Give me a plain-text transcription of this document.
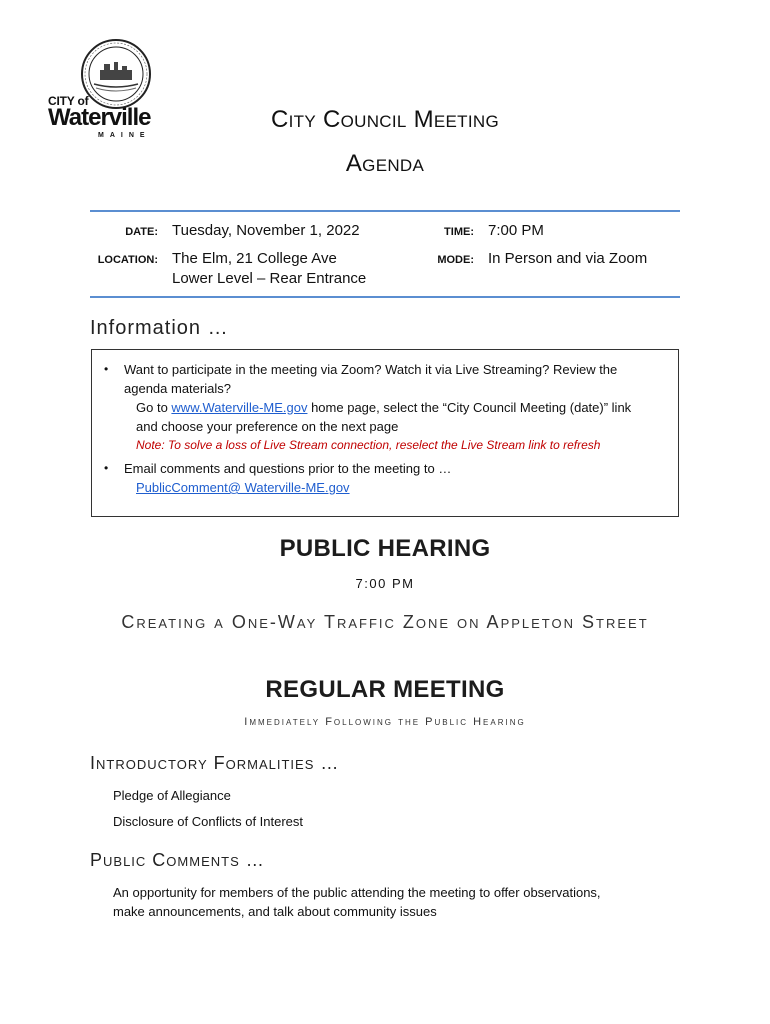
CITY of
Waterville
MAINE
City Council Meeting
Agenda
DATE: Tuesday, November 1, 2022	TIME: 7:00 PM
LOCATION: The Elm, 21 College Ave
Lower Level – Rear Entrance
MODE: In Person and via Zoom
Information …
• Want to participate in the meeting via Zoom? Watch it via Live Streaming? Review the
agenda materials?
Go to www.Waterville-ME.gov home page, select the “City Council Meeting (date)” link
and choose your preference on the next page
Note: To solve a loss of Live Stream connection, reselect the Live Stream link to refresh
• Email comments and questions prior to the meeting to …
PublicComment@ Waterville-ME.gov
PUBLIC HEARING
7:00 PM
Creating a One-Way Traffic Zone on Appleton Street
REGULAR MEETING
Immediately Following the Public Hearing
Introductory Formalities …
Pledge of Allegiance
Disclosure of Conflicts of Interest
Public Comments …
An opportunity for members of the public attending the meeting to offer observations,
make announcements, and talk about community issues
